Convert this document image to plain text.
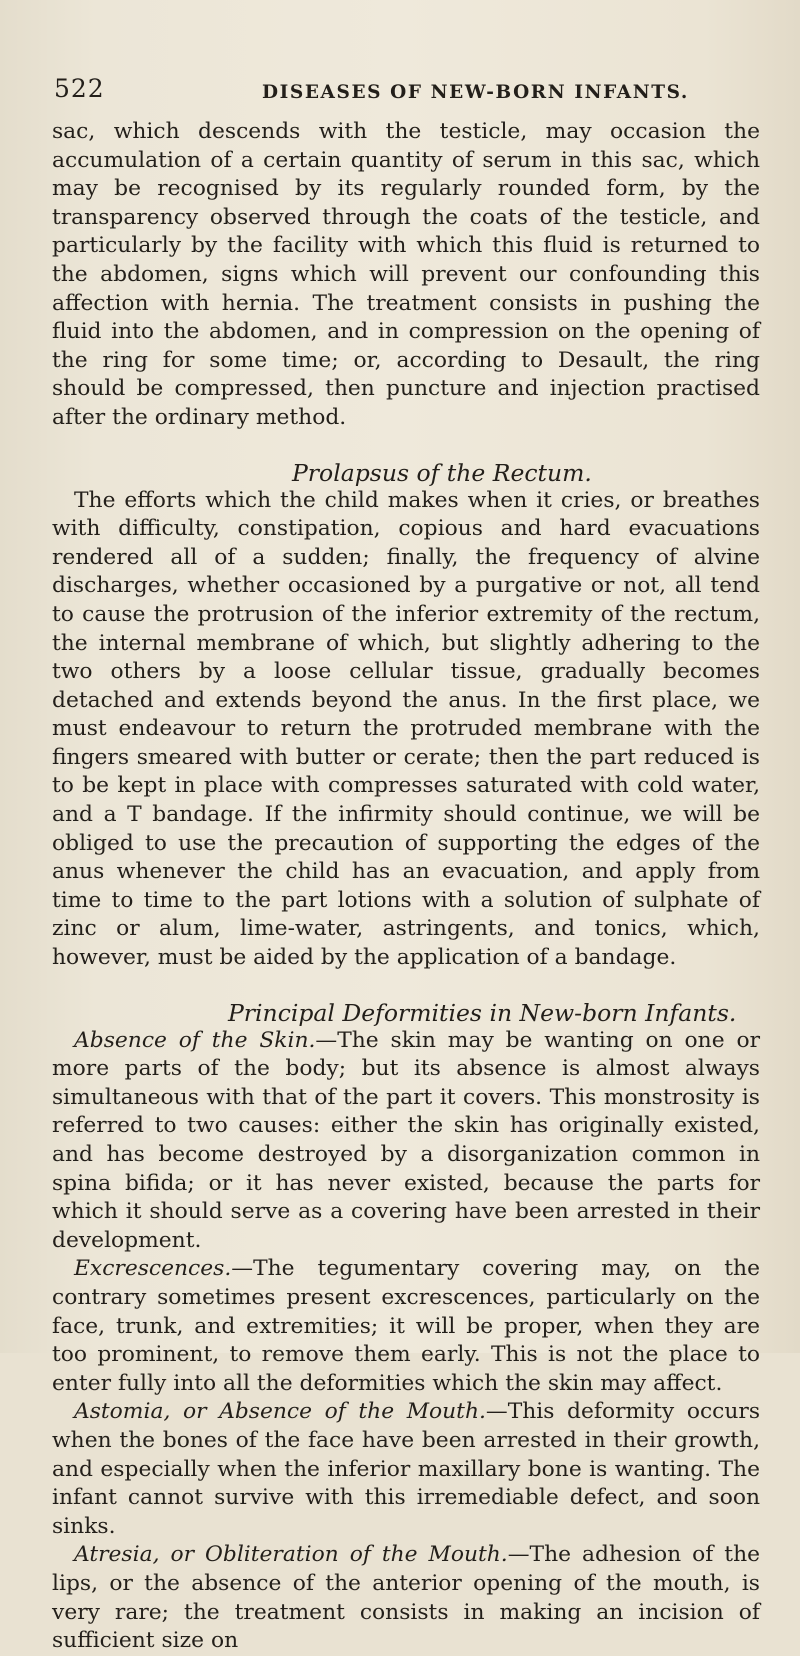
522	DISEASES OF NEW-BORN INFANTS.

sac, which descends with the testicle, may occasion the accumulation of a certain quantity of serum in this sac, which may be recognised by its regularly rounded form, by the transparency observed through the coats of the testicle, and particularly by the facility with which this fluid is returned to the abdomen, signs which will prevent our confounding this affection with hernia. The treatment consists in pushing the fluid into the abdomen, and in compression on the opening of the ring for some time; or, according to Desault, the ring should be compressed, then puncture and injection practised after the ordinary method.

Prolapsus of the Rectum.

The efforts which the child makes when it cries, or breathes with difficulty, constipation, copious and hard evacuations rendered all of a sudden; finally, the frequency of alvine discharges, whether occasioned by a purgative or not, all tend to cause the protrusion of the inferior extremity of the rectum, the internal membrane of which, but slightly adhering to the two others by a loose cellular tissue, gradually becomes detached and extends beyond the anus. In the first place, we must endeavour to return the protruded membrane with the fingers smeared with butter or cerate; then the part reduced is to be kept in place with compresses saturated with cold water, and a T bandage. If the infirmity should continue, we will be obliged to use the precaution of supporting the edges of the anus whenever the child has an evacuation, and apply from time to time to the part lotions with a solution of sulphate of zinc or alum, lime-water, astringents, and tonics, which, however, must be aided by the application of a bandage.

Principal Deformities in New-born Infants.

Absence of the Skin.—The skin may be wanting on one or more parts of the body; but its absence is almost always simultaneous with that of the part it covers. This monstrosity is referred to two causes: either the skin has originally existed, and has become destroyed by a disorganization common in spina bifida; or it has never existed, because the parts for which it should serve as a covering have been arrested in their development.

Excrescences.—The tegumentary covering may, on the contrary sometimes present excrescences, particularly on the face, trunk, and extremities; it will be proper, when they are too prominent, to remove them early. This is not the place to enter fully into all the deformities which the skin may affect.

Astomia, or Absence of the Mouth.—This deformity occurs when the bones of the face have been arrested in their growth, and especially when the inferior maxillary bone is wanting. The infant cannot survive with this irremediable defect, and soon sinks.

Atresia, or Obliteration of the Mouth.—The adhesion of the lips, or the absence of the anterior opening of the mouth, is very rare; the treatment consists in making an incision of sufficient size on
